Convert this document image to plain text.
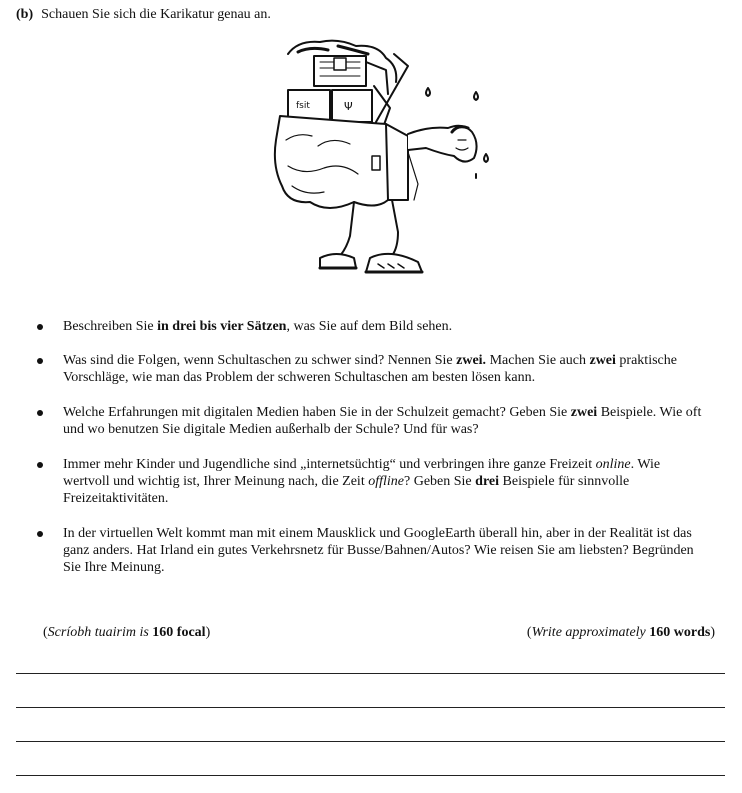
(b) Schauen Sie sich die Karikatur genau an.
fsit	Ψ
Beschreiben Sie in drei bis vier Sätzen, was Sie auf dem Bild sehen.
Was sind die Folgen, wenn Schultaschen zu schwer sind? Nennen Sie zwei. Machen Sie auch zwei praktische Vorschläge, wie man das Problem der schweren Schultaschen am besten lösen kann.
Welche Erfahrungen mit digitalen Medien haben Sie in der Schulzeit gemacht? Geben Sie zwei Beispiele. Wie oft und wo benutzen Sie digitale Medien außerhalb der Schule? Und für was?
Immer mehr Kinder und Jugendliche sind „internetsüchtig“ und verbringen ihre ganze Freizeit online. Wie wertvoll und wichtig ist, Ihrer Meinung nach, die Zeit offline? Geben Sie drei Beispiele für sinnvolle Freizeitaktivitäten.
In der virtuellen Welt kommt man mit einem Mausklick und GoogleEarth überall hin, aber in der Realität ist das ganz anders. Hat Irland ein gutes Verkehrsnetz für Busse/Bahnen/Autos? Wie reisen Sie am liebsten? Begründen Sie Ihre Meinung.
(Scríobh tuairim is 160 focal)	(Write approximately 160 words)
